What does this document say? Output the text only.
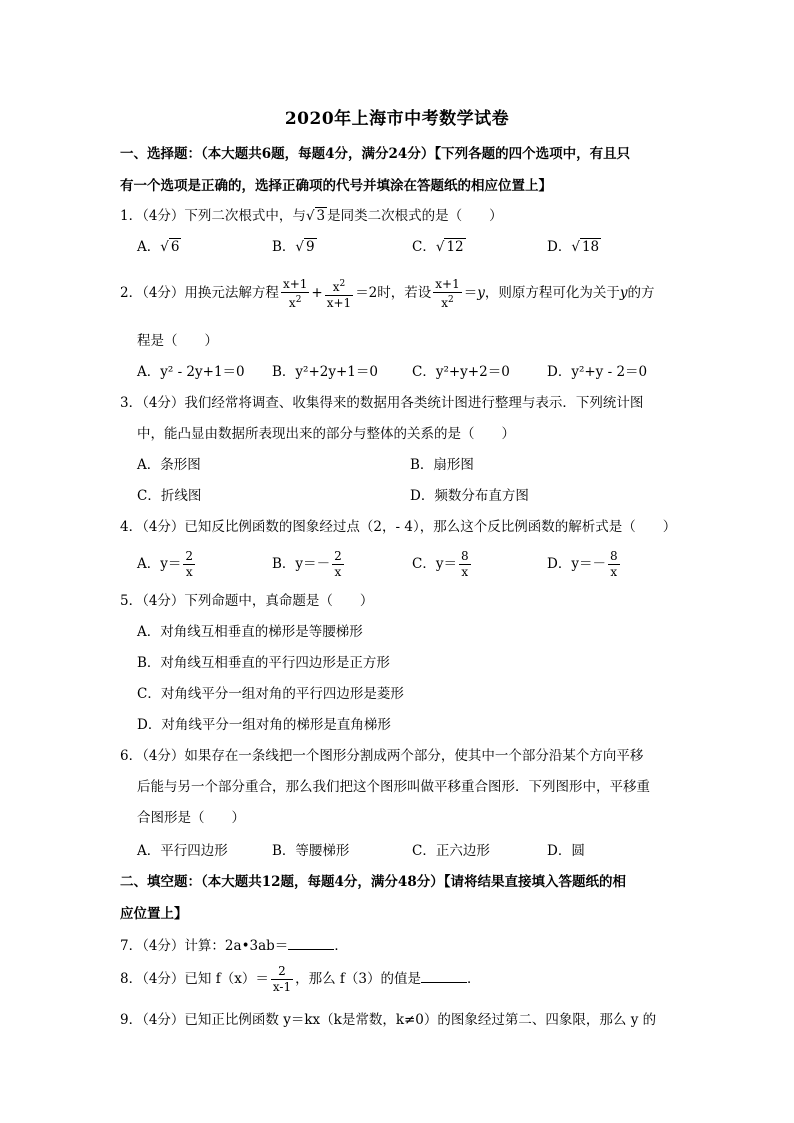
2020年上海市中考数学试卷
一、选择题：（本大题共6题，每题4分，满分24分）【下列各题的四个选项中，有且只
有一个选项是正确的，选择正确项的代号并填涂在答题纸的相应位置上】
1．（4分）下列二次根式中，与√ 3 是同类二次根式的是（　　）
A．√ 6	B．√ 9	C．√ 12	D．√ 18
2．（4分）用换元法解方程 $\frac{x+1}{x^2} + \frac{x^2}{x+1} =2$时，若设 $\frac{x+1}{x^2} =y$，则原方程可化为关于y的方
程是（　　）
A．y² - 2y+1＝0 B．y²+2y+1＝0	C．y²+y+2＝0	D．y²+y - 2＝0
3．（4分）我们经常将调查、收集得来的数据用各类统计图进行整理与表示．下列统计图
中，能凸显由数据所表现出来的部分与整体的关系的是（　　）
A．条形图	B．扇形图
C．折线图	D．频数分布直方图
4．（4分）已知反比例函数的图象经过点（2，- 4），那么这个反比例函数的解析式是（　　）
A．$y= \frac{2}{x}$	B．$y=- \frac{2}{x}$	C．$y= \frac{8}{x}$	D．$y=- \frac{8}{x}$
5．（4分）下列命题中，真命题是（　　）
A．对角线互相垂直的梯形是等腰梯形
B．对角线互相垂直的平行四边形是正方形
C．对角线平分一组对角的平行四边形是菱形
D．对角线平分一组对角的梯形是直角梯形
6．（4分）如果存在一条线把一个图形分割成两个部分，使其中一个部分沿某个方向平移
后能与另一个部分重合，那么我们把这个图形叫做平移重合图形．下列图形中，平移重
合图形是（　　）
A．平行四边形	B．等腰梯形	C．正六边形	D．圆
二、填空题：（本大题共12题，每题4分，满分48分）【请将结果直接填入答题纸的相
应位置上】
7．（4分）计算：2a•3ab＝	．
8．（4分）已知 $f(x)= \frac{2}{x-1}$ ，那么 f（3）的值是	．
9．（4分）已知正比例函数 y＝kx（k是常数，k≠0）的图象经过第二、四象限，那么 y 的
